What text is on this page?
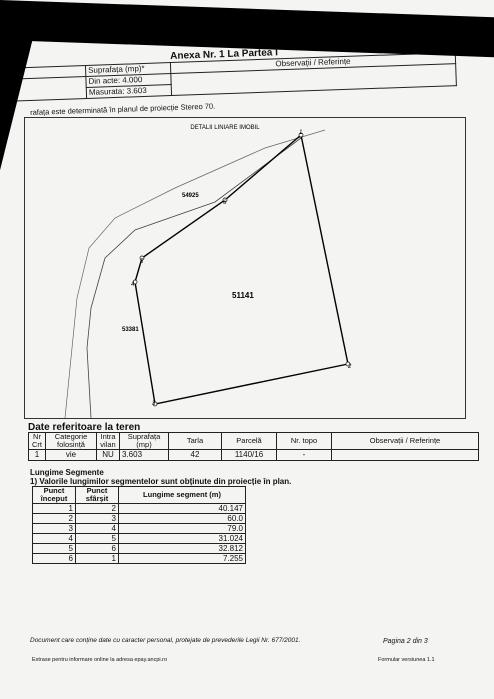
Anexa Nr. 1 La Partea I
	Suprafața (mp)*	Observații / Referințe
	Din acte: 4.000	
	Masurata: 3.603	
rafața este determinată în planul de proiecție Stereo 70.
DETALII LINIARE IMOBIL
1
2
3
4
5
6
51141
54925
53381
Date referitoare la teren
Nr Crt	Categorie folosință	Intra vilan	Suprafața (mp)	Tarla	Parcelă	Nr. topo	Observații / Referințe
1	vie	NU	3.603	42	1140/16	-	
Lungime Segmente
1) Valorile lungimilor segmentelor sunt obținute din proiecție în plan.
Punct început	Punct sfârșit	Lungime segment (m)
1	2	40.147
2	3	60.0
3	4	79.0
4	5	31.024
5	6	32.812
6	1	7.255
Document care conține date cu caracter personal, protejate de prevederile Legii Nr. 677/2001.	Pagina 2 din 3
Extrase pentru informare online la adresa epay.ancpi.ro	Formular versiunea 1.1
